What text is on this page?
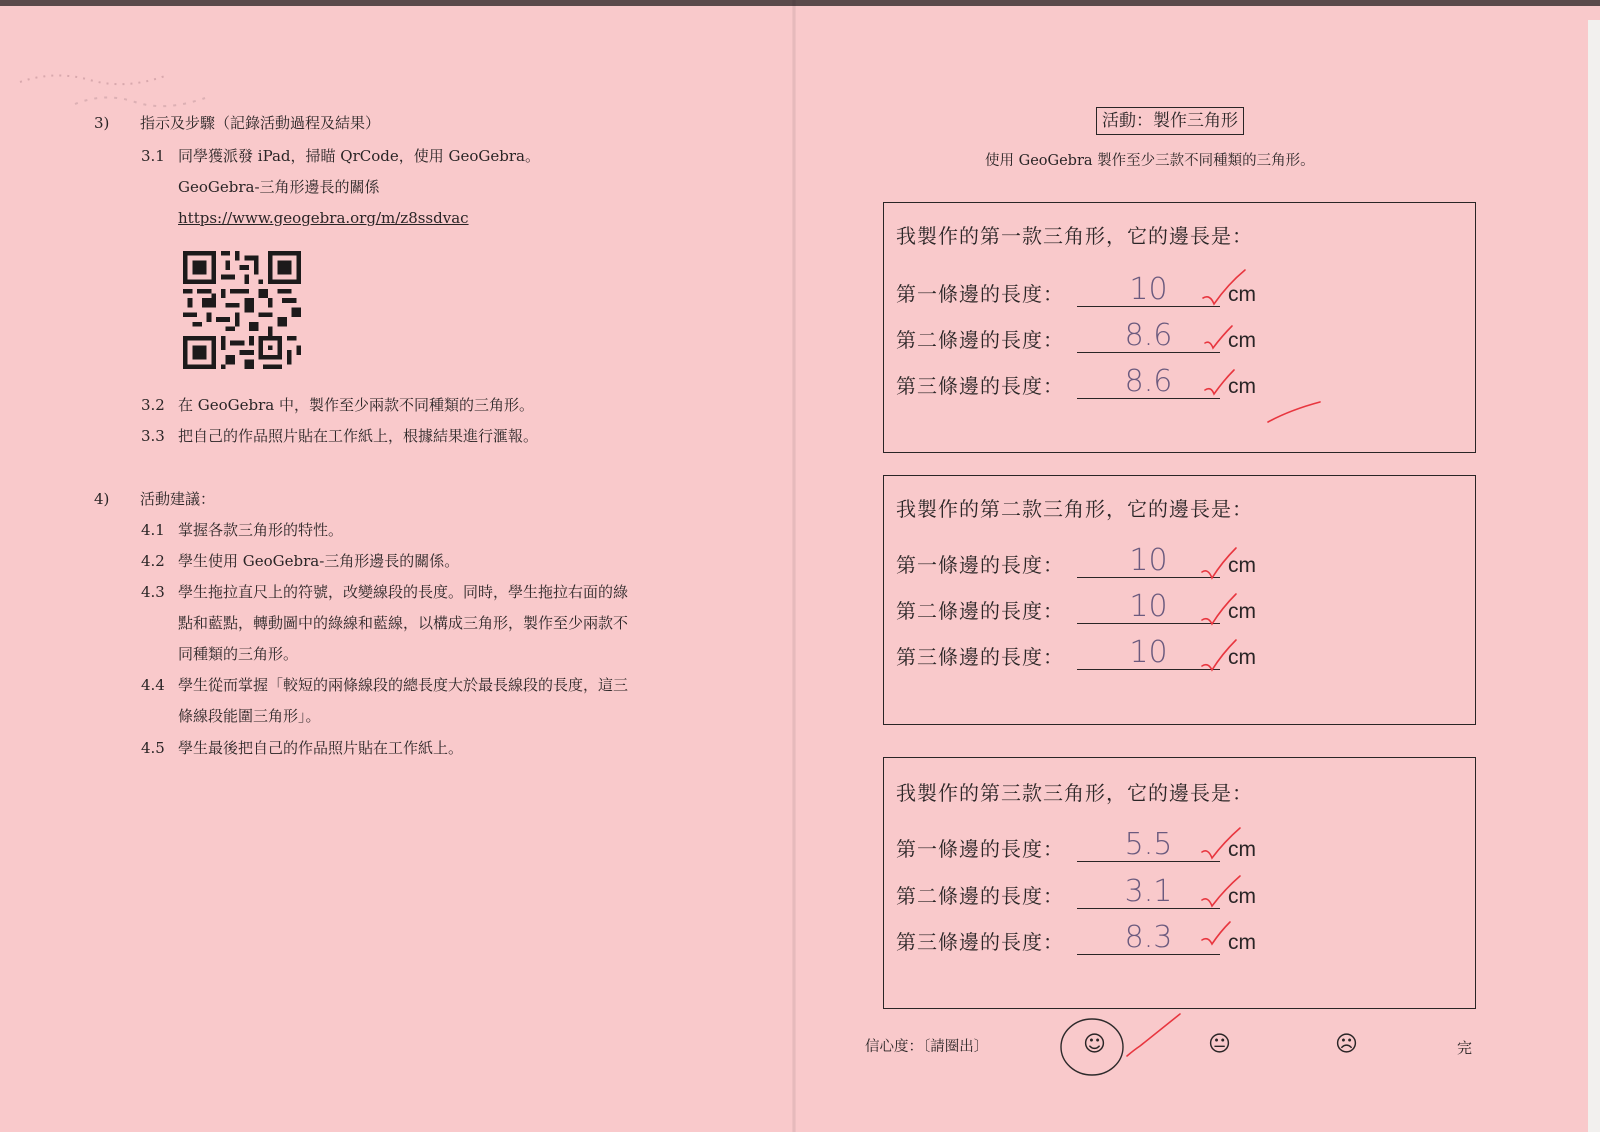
3) 指示及步驟（記錄活動過程及結果）
3.1 同學獲派發 iPad，掃瞄 QrCode，使用 GeoGebra。
GeoGebra-三角形邊長的關係
https://www.geogebra.org/m/z8ssdvac
3.2 在 GeoGebra 中，製作至少兩款不同種類的三角形。
3.3 把自己的作品照片貼在工作紙上，根據結果進行滙報。
4) 活動建議：
4.1 掌握各款三角形的特性。
4.2 學生使用 GeoGebra-三角形邊長的關係。
4.3 學生拖拉直尺上的符號，改變線段的長度。同時，學生拖拉右面的綠
點和藍點，轉動圖中的綠線和藍線，以構成三角形，製作至少兩款不
同種類的三角形。
4.4 學生從而掌握「較短的兩條線段的總長度大於最長線段的長度，這三
條線段能圍三角形」。
4.5 學生最後把自己的作品照片貼在工作紙上。
活動：製作三角形
使用 GeoGebra 製作至少三款不同種類的三角形。
我製作的第一款三角形，它的邊長是：
第一條邊的長度：	10	cm
第二條邊的長度：	8.6	cm
第三條邊的長度：	8.6	cm
我製作的第二款三角形，它的邊長是：
第一條邊的長度：	10	cm
第二條邊的長度：	10	cm
第三條邊的長度：	10	cm
我製作的第三款三角形，它的邊長是：
第一條邊的長度：	5.5	cm
第二條邊的長度：	3.1	cm
第三條邊的長度：	8.3	cm
信心度：〔請圈出〕	☺	😐	☹	完
